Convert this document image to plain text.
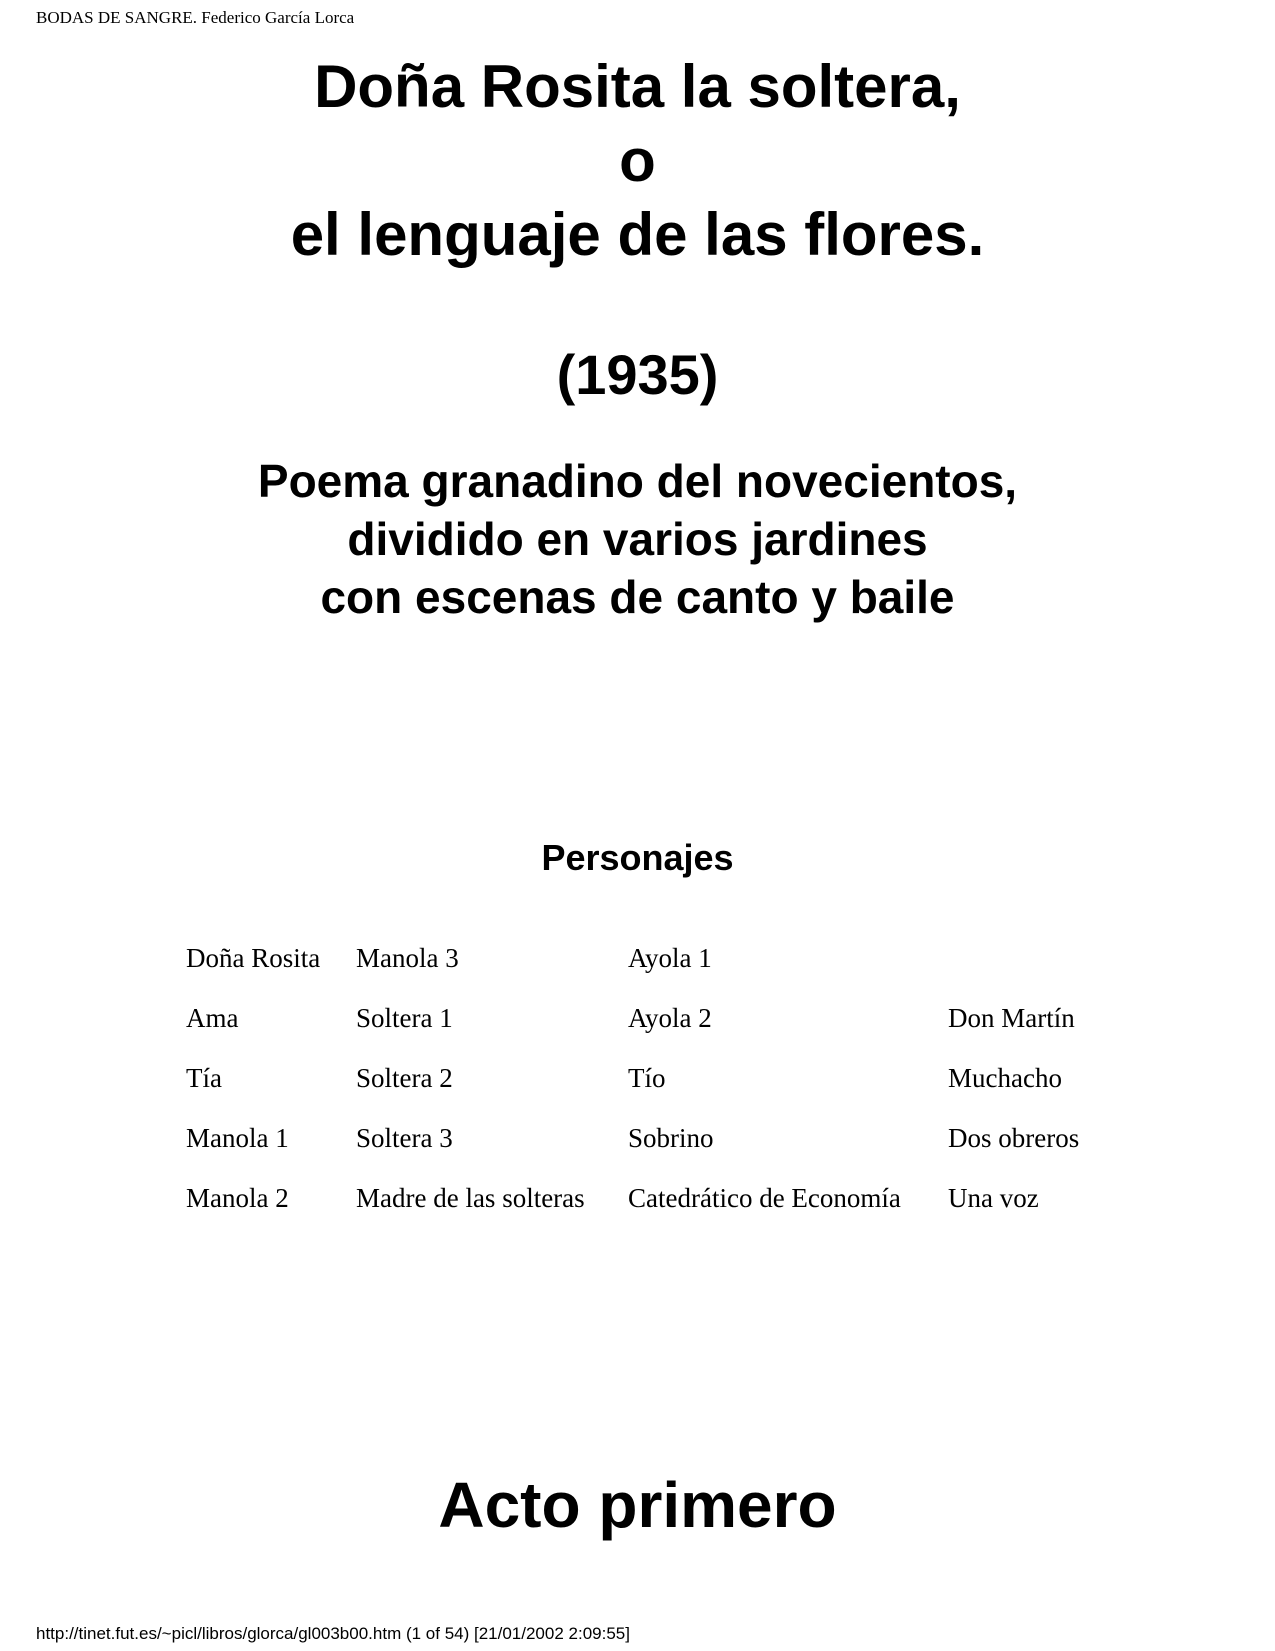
BODAS DE SANGRE. Federico García Lorca
Doña Rosita la soltera,
o
el lenguaje de las flores.
(1935)
Poema granadino del novecientos,
dividido en varios jardines
con escenas de canto y baile
Personajes
Doña Rosita	Manola 3	Ayola 1
Ama	Soltera 1	Ayola 2	Don Martín
Tía	Soltera 2	Tío	Muchacho
Manola 1	Soltera 3	Sobrino	Dos obreros
Manola 2	Madre de las solteras	Catedrático de Economía	Una voz
Acto primero
http://tinet.fut.es/~picl/libros/glorca/gl003b00.htm (1 of 54) [21/01/2002 2:09:55]
